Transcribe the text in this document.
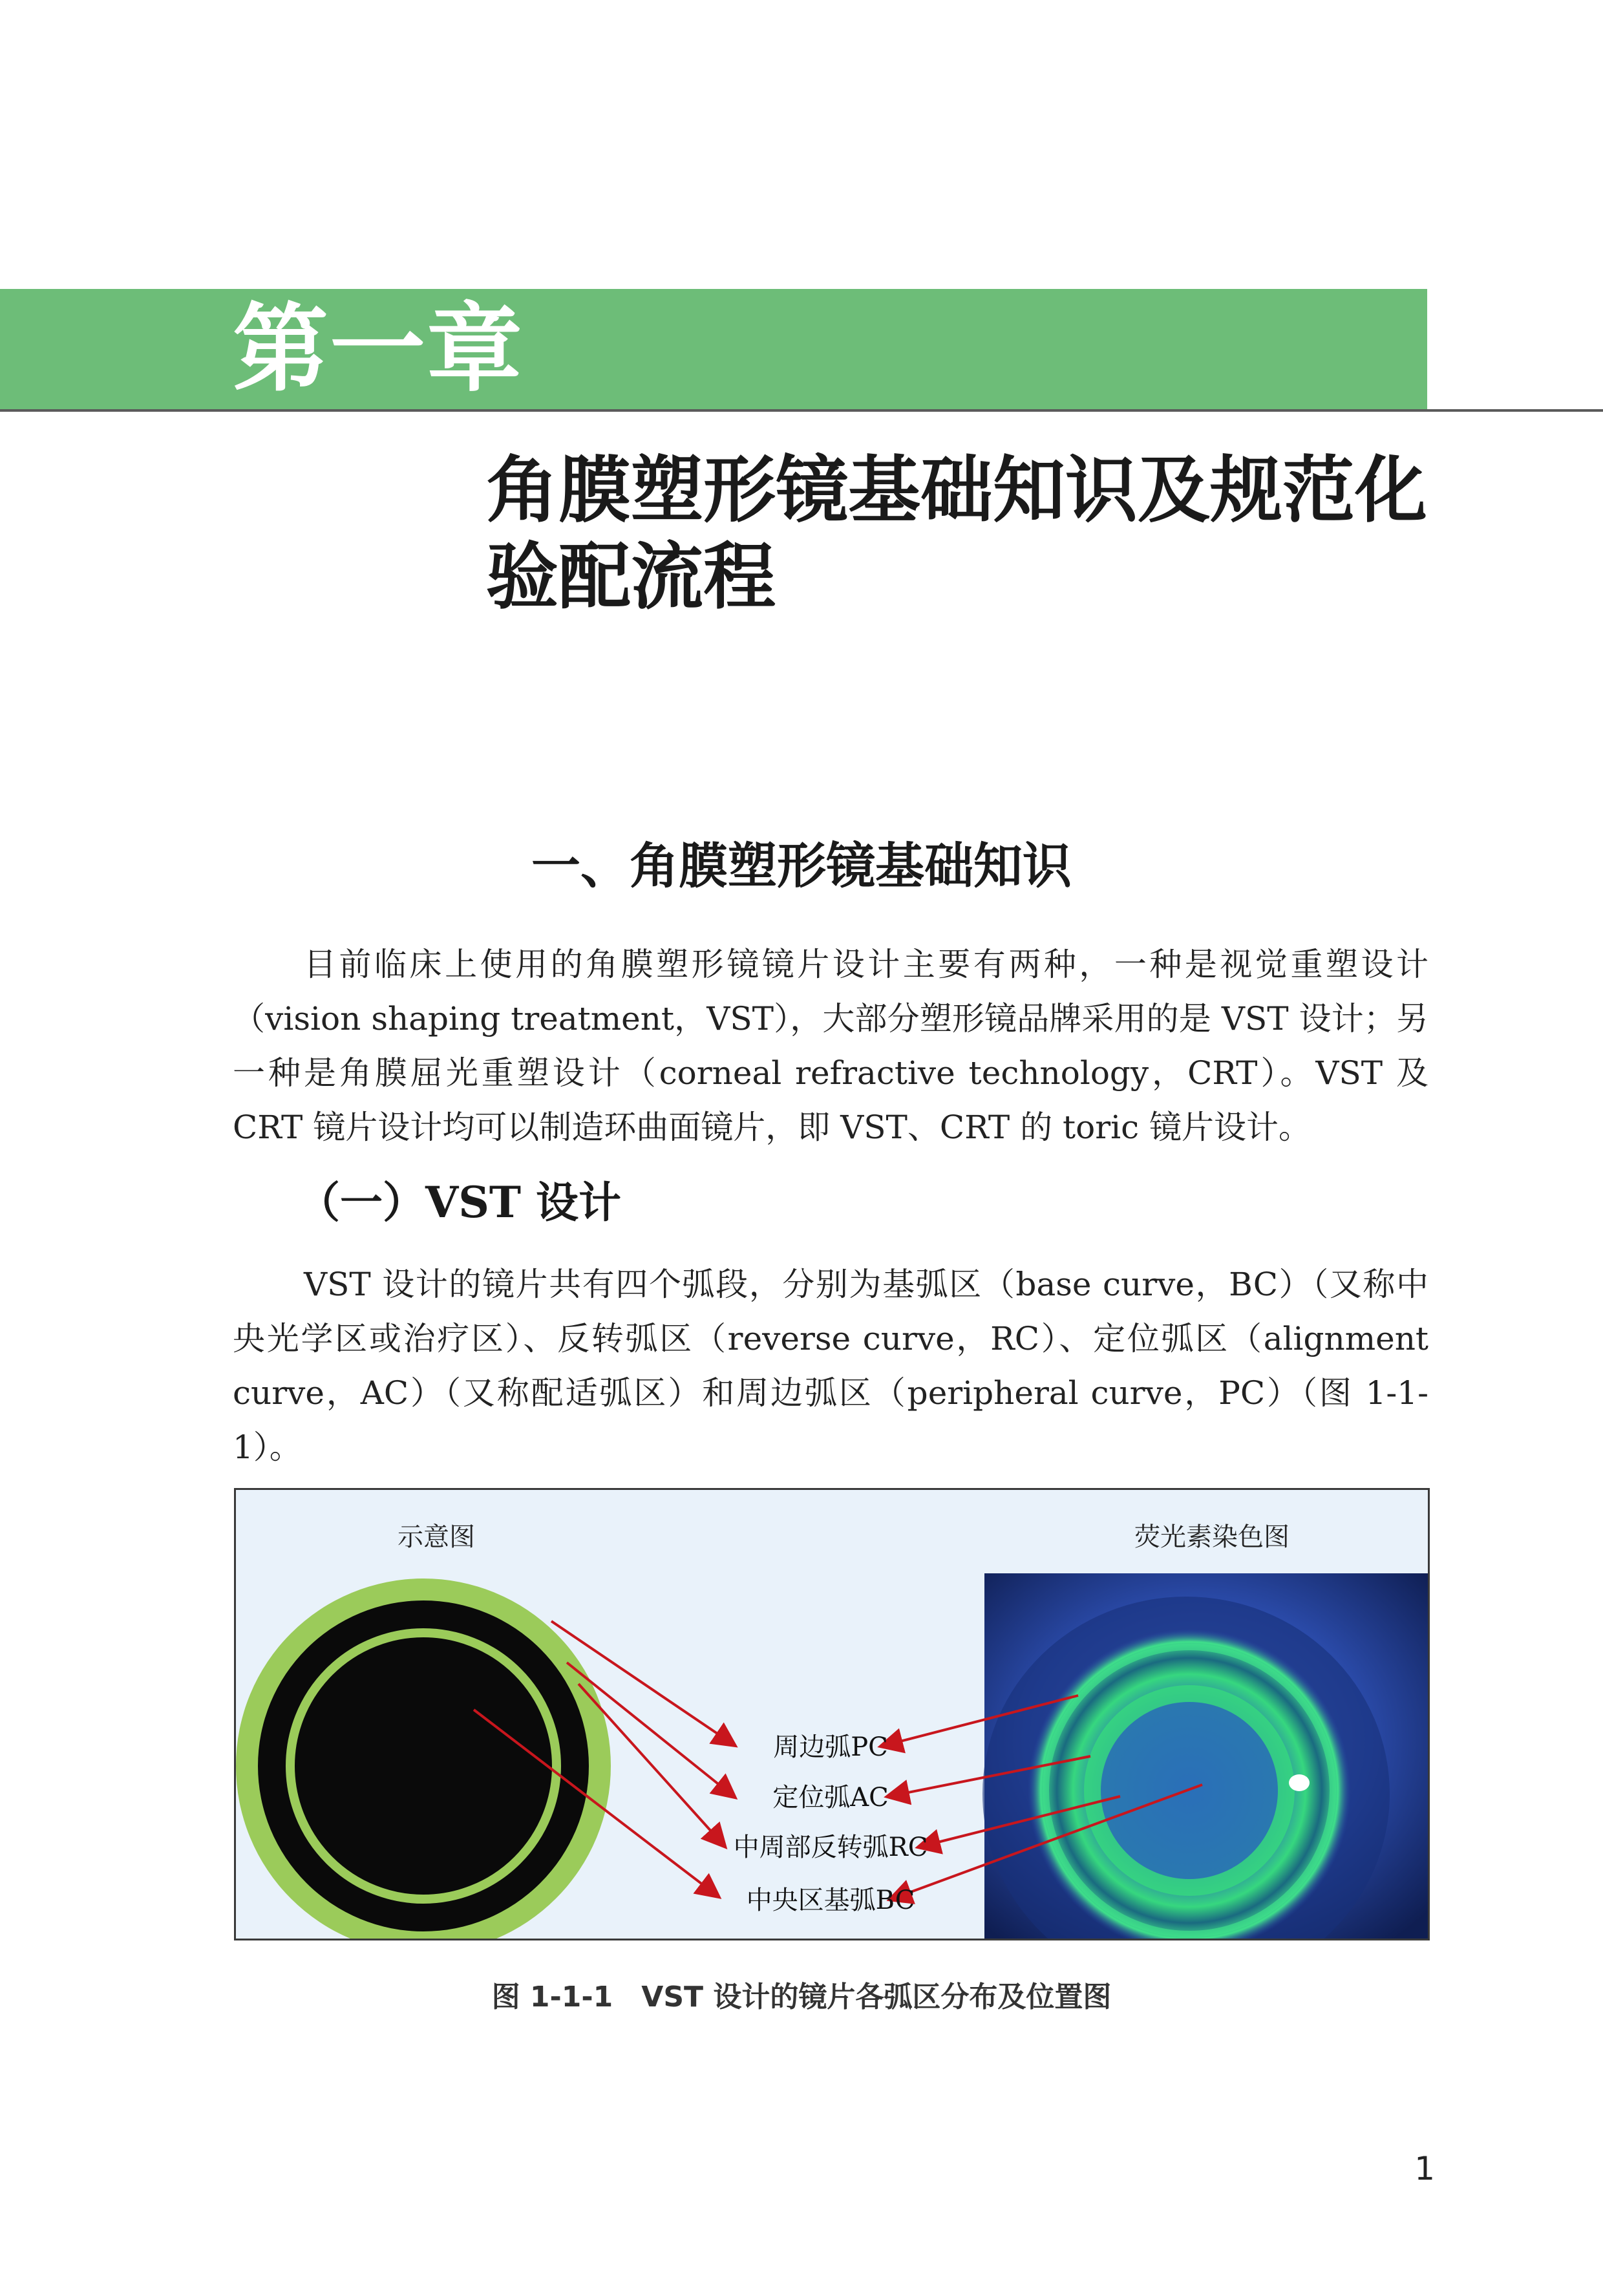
第一章
角膜塑形镜基础知识及规范化验配流程
一、角膜塑形镜基础知识

目前临床上使用的角膜塑形镜镜片设计主要有两种，一种是视觉重塑设计（vision shaping treatment，VST），大部分塑形镜品牌采用的是 VST 设计；另一种是角膜屈光重塑设计（corneal refractive technology，CRT）。VST 及 CRT 镜片设计均可以制造环曲面镜片，即 VST、CRT 的 toric 镜片设计。

（一）VST 设计

VST 设计的镜片共有四个弧段，分别为基弧区（base curve，BC）（又称中央光学区或治疗区）、反转弧区（reverse curve，RC）、定位弧区（alignment curve，AC）（又称配适弧区）和周边弧区（peripheral curve，PC）（图 1-1-1）。

示意图	荧光素染色图
周边弧PC
定位弧AC
中周部反转弧RC
中央区基弧BC
图 1-1-1　VST 设计的镜片各弧区分布及位置图
1
